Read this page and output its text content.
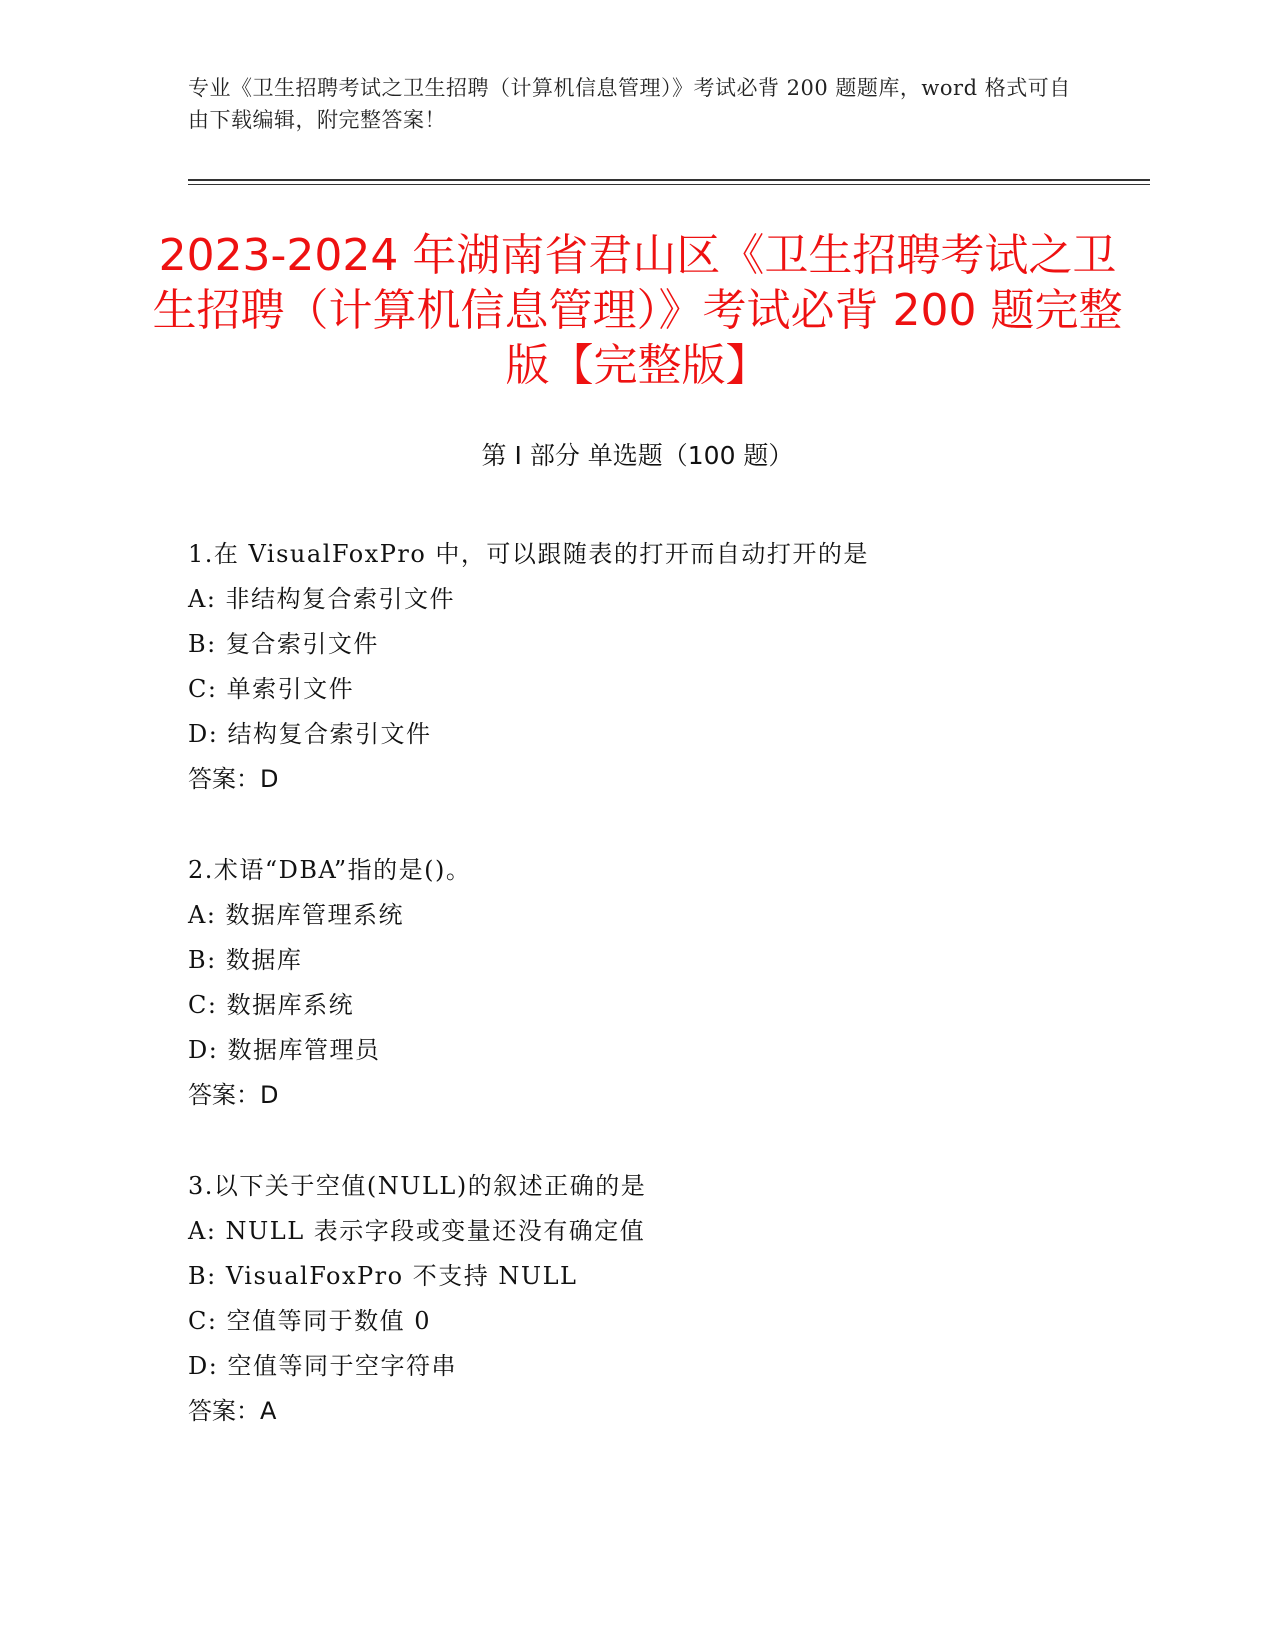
专业《卫生招聘考试之卫生招聘（计算机信息管理）》考试必背 200 题题库，word 格式可自由下载编辑，附完整答案！
2023-2024 年湖南省君山区《卫生招聘考试之卫生招聘（计算机信息管理）》考试必背 200 题完整版【完整版】
第 I 部分 单选题（100 题）
1.在 VisualFoxPro 中，可以跟随表的打开而自动打开的是
A: 非结构复合索引文件
B: 复合索引文件
C: 单索引文件
D: 结构复合索引文件
答案：D
2.术语“DBA”指的是()。
A: 数据库管理系统
B: 数据库
C: 数据库系统
D: 数据库管理员
答案：D
3.以下关于空值(NULL)的叙述正确的是
A: NULL 表示字段或变量还没有确定值
B: VisualFoxPro 不支持 NULL
C: 空值等同于数值 0
D: 空值等同于空字符串
答案：A
